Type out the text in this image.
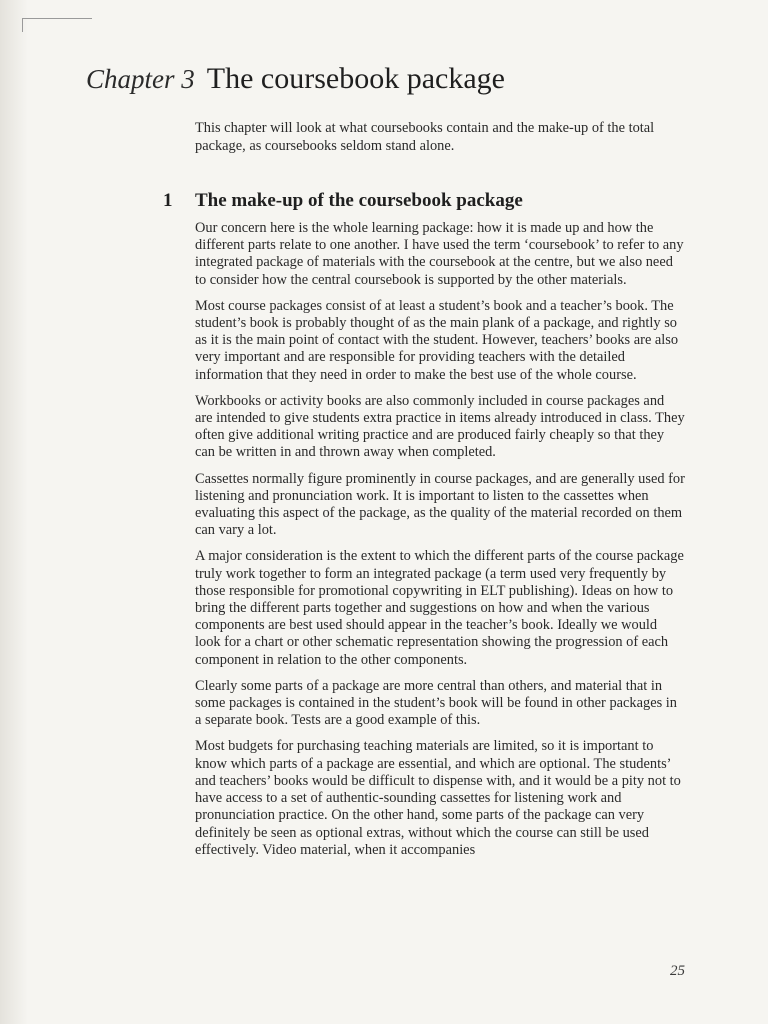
Chapter 3 The coursebook package

This chapter will look at what coursebooks contain and the make-up of the total package, as coursebooks seldom stand alone.

1	The make-up of the coursebook package

Our concern here is the whole learning package: how it is made up and how the different parts relate to one another. I have used the term ‘coursebook’ to refer to any integrated package of materials with the coursebook at the centre, but we also need to consider how the central coursebook is supported by the other materials.

Most course packages consist of at least a student’s book and a teacher’s book. The student’s book is probably thought of as the main plank of a package, and rightly so as it is the main point of contact with the student. However, teachers’ books are also very important and are responsible for providing teachers with the detailed information that they need in order to make the best use of the whole course.

Workbooks or activity books are also commonly included in course packages and are intended to give students extra practice in items already introduced in class. They often give additional writing practice and are produced fairly cheaply so that they can be written in and thrown away when completed.

Cassettes normally figure prominently in course packages, and are generally used for listening and pronunciation work. It is important to listen to the cassettes when evaluating this aspect of the package, as the quality of the material recorded on them can vary a lot.

A major consideration is the extent to which the different parts of the course package truly work together to form an integrated package (a term used very frequently by those responsible for promotional copywriting in ELT publishing). Ideas on how to bring the different parts together and suggestions on how and when the various components are best used should appear in the teacher’s book. Ideally we would look for a chart or other schematic representation showing the progression of each component in relation to the other components.

Clearly some parts of a package are more central than others, and material that in some packages is contained in the student’s book will be found in other packages in a separate book. Tests are a good example of this.

Most budgets for purchasing teaching materials are limited, so it is important to know which parts of a package are essential, and which are optional. The students’ and teachers’ books would be difficult to dispense with, and it would be a pity not to have access to a set of authentic-sounding cassettes for listening work and pronunciation practice. On the other hand, some parts of the package can very definitely be seen as optional extras, without which the course can still be used effectively. Video material, when it accompanies

25
